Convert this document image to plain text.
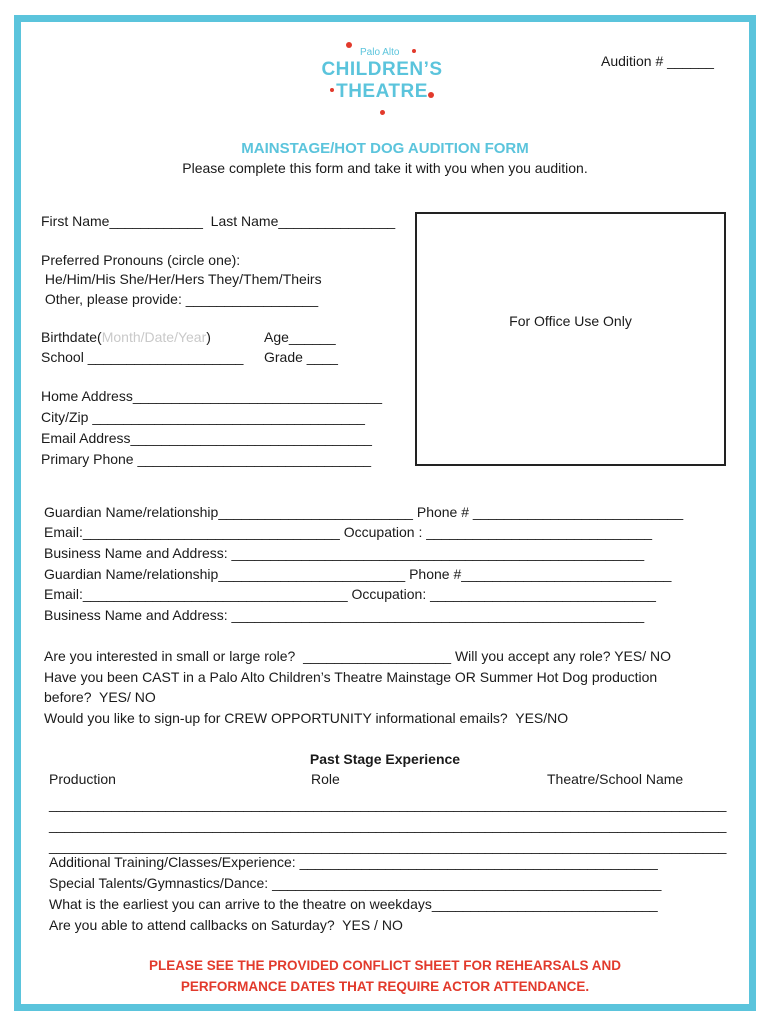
Palo Alto
CHILDREN’S
THEATRE
Audition # ______
MAINSTAGE/HOT DOG AUDITION FORM
Please complete this form and take it with you when you audition.
For Office Use Only
First Name____________  Last Name_______________
Preferred Pronouns (circle one):
He/Him/His She/Her/Hers They/Them/Theirs
Other, please provide: _________________
Birthdate(Month/Date/Year)	Age______
School ____________________ Grade ____
Home Address________________________________
City/Zip ___________________________________
Email Address_______________________________
Primary Phone ______________________________
Guardian Name/relationship_________________________ Phone # ___________________________
Email:_________________________________ Occupation : _____________________________
Business Name and Address: _____________________________________________________
Guardian Name/relationship________________________ Phone #___________________________
Email:__________________________________ Occupation: _____________________________
Business Name and Address: _____________________________________________________
Are you interested in small or large role?  ___________________ Will you accept any role? YES/ NO
Have you been CAST in a Palo Alto Children’s Theatre Mainstage OR Summer Hot Dog production
before?  YES/ NO
Would you like to sign-up for CREW OPPORTUNITY informational emails?  YES/NO
Past Stage Experience
Production	Role	Theatre/School Name
_______________________________________________________________________________________
_______________________________________________________________________________________
_______________________________________________________________________________________
Additional Training/Classes/Experience: ______________________________________________
Special Talents/Gymnastics/Dance: __________________________________________________
What is the earliest you can arrive to the theatre on weekdays_____________________________
Are you able to attend callbacks on Saturday?  YES / NO
PLEASE SEE THE PROVIDED CONFLICT SHEET FOR REHEARSALS AND
PERFORMANCE DATES THAT REQUIRE ACTOR ATTENDANCE.
